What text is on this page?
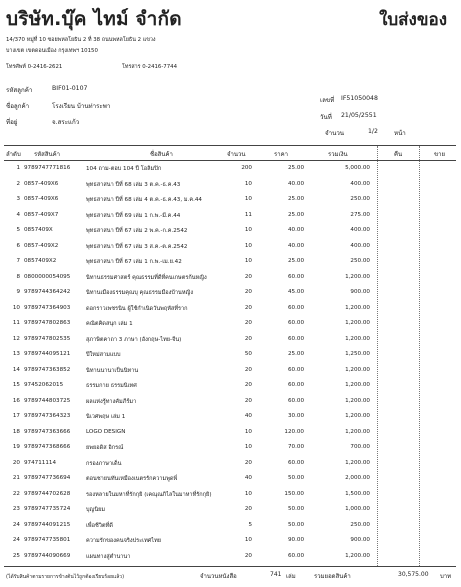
บริษัท.บุ๊ค ไทม์ จำกัด	ใบส่งของ
14/370 หมู่ที่ 10 ซอยพหลโยธิน 2 ที่ 38 ถนนพหลโยธิน 2 แขวง
บางเขต เขตดอนเมือง กรุงเทพฯ 10150
โทรศัพท์ 0-2416-2621	โทรสาร 0-2416-7744
รหัสลูกค้า	BIF01-0107
ชื่อลูกค้า	โรงเรียน บ้านท่าระพา
ที่อยู่	จ.สระแก้ว
เลขที่ IF51050048
วันที่ 21/05/2551
จำนวน	1/2	หน้า
ลำดับ รหัสสินค้า	ชื่อสินค้า	จำนวน	ราคา	รวมเงิน	คืน	ขาย
1 9789747771816	104 ถาม-ตอบ 104 ปี โอลิมปิก	200	25.00	5,000.00
2 0857-409X6	พุทธสาสนา ปีที่ 68 เล่ม 3 ต.ค.-ธ.ค.43	10	40.00	400.00
3 0857-409X6	พุทธสาสนา ปีที่ 68 เล่ม 4 ต.ค.-ธ.ค.43, ม.ค.44	10	25.00	250.00
4 0857-409X7	พุทธสาสนา ปีที่ 69 เล่ม 1 ก.พ.-มี.ค.44	11	25.00	275.00
5 0857409X	พุทธสาสนา ปีที่ 67 เล่ม 2 พ.ค.-ก.ค.2542	10	40.00	400.00
6 0857-409X2	พุทธสาสนา ปีที่ 67 เล่ม 3 ส.ค.-ต.ค.2542	10	40.00	400.00
7 0857409X2	พุทธสาสนา ปีที่ 67 เล่ม 1 ก.พ.-เม.ย.42	10	25.00	250.00
8 0800000054095	นิทานธรรมศาสตร์ คุณธรรมที่ดีที่คนเกษตรก้นหญิง	20	60.00	1,200.00
9 9789744364242	นิทานเมืองธรรมคุณบุ คุณธรรมมืองบ้านหญิง	20	45.00	900.00
10 9789747364903	ดอกราวเพชรนิน ผู้ใช้กำเนิดวันพฤหัสที่ราก	20	60.00	1,200.00
11 9789747802863	คณิตคิดสนุก เล่ม 1	20	60.00	1,200.00
12 9789747802535	สุภาษิตคาถา 3 ภาษา (อังกฤษ-ไทย-จีน)	20	60.00	1,200.00
13 9789744095121	ปีใหม่สามแบบ	50	25.00	1,250.00
14 9789747363852	นิทานนานาเป็นนิทาน	20	60.00	1,200.00
15 97452062015	ธรรมกาย ธรรมนิเทศ	20	60.00	1,200.00
16 9789744803725	ผลแห่งรู้ทางคัมภีร์มา	20	60.00	1,200.00
17 9789747364323	นิเวศพฤษ เล่ม 1	40	30.00	1,200.00
18 9789747363666	LOGO DESIGN	10	120.00	1,200.00
19 9789747368666	ยพยอดิส อิกรณ์	10	70.00	700.00
20 974711114	กรองภาษาเด็น	20	60.00	1,200.00
21 9789747736694	ตอนชายนทันเหมืองเนตรรักความพูดพี่	40	50.00	2,000.00
22 9789744702628	รองหลายในมหาที่รักกุยิ (เคณุณภิไลในมาหาที่รักกุยิ)	10	150.00	1,500.00
23 9789747735724	บุญนิยม	20	50.00	1,000.00
24 9789744091215	เพื่อชีวิตที่ดี	5	50.00	250.00
24 9789747735801	ความรักของคนจริงประเทศไทย	10	90.00	900.00
25 9789744090669	แผนทางสู่ตำนานา	20	60.00	1,200.00
(ได้รับสินค้าตามรายการข้างต้นไว้ถูกต้องเรียบร้อยแล้ว)	จำนวนหนังสือ	741 เล่ม	รวมยอดสินค้า	30,575.00 บาท
